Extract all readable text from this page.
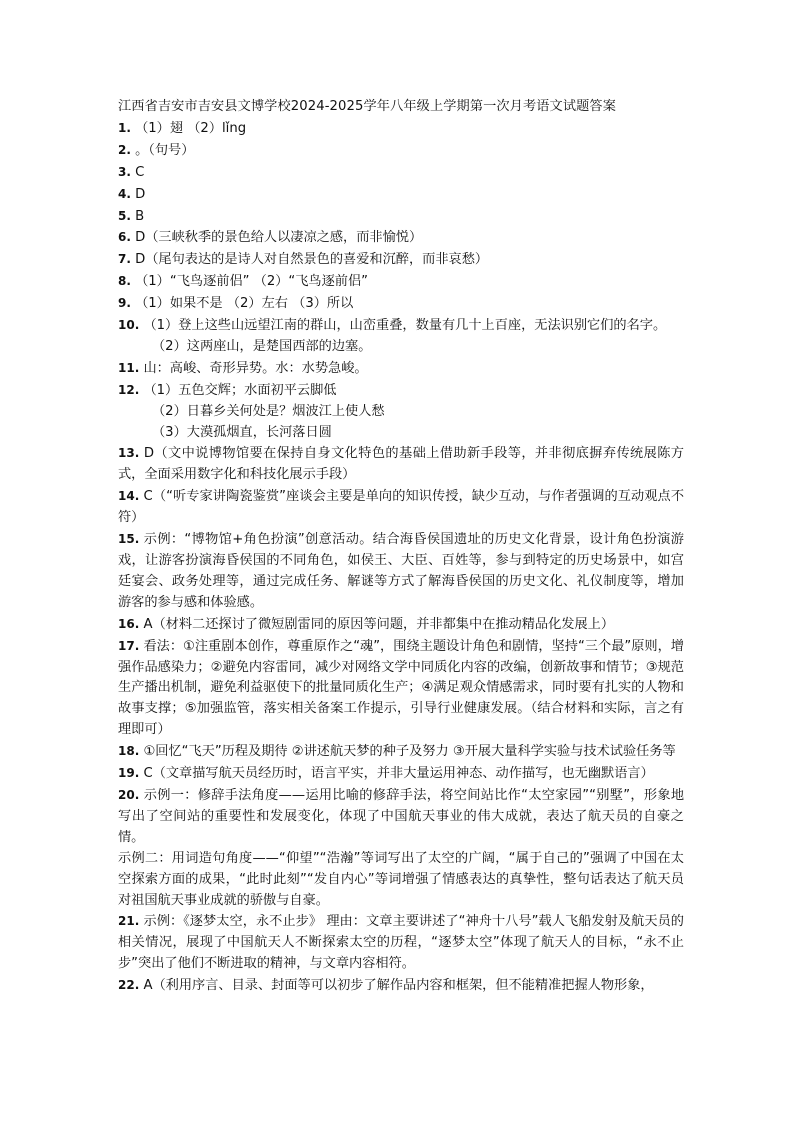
江西省吉安市吉安县文博学校2024-2025学年八年级上学期第一次月考语文试题答案
1. （1）翅 （2）lǐng
2. 。（句号）
3. C
4. D
5. B
6. D（三峡秋季的景色给人以凄凉之感，而非愉悦）
7. D（尾句表达的是诗人对自然景色的喜爱和沉醉，而非哀愁）
8. （1）“飞鸟逐前侣” （2）“飞鸟逐前侣”
9. （1）如果不是 （2）左右 （3）所以
10. （1）登上这些山远望江南的群山，山峦重叠，数量有几十上百座，无法识别它们的名字。
（2）这两座山，是楚国西部的边塞。
11. 山：高峻、奇形异势。水：水势急峻。
12. （1）五色交辉；水面初平云脚低
（2）日暮乡关何处是？烟波江上使人愁
（3）大漠孤烟直，长河落日圆
13. D（文中说博物馆要在保持自身文化特色的基础上借助新手段等，并非彻底摒弃传统展陈方式，全面采用数字化和科技化展示手段）
14. C（“听专家讲陶瓷鉴赏”座谈会主要是单向的知识传授，缺少互动，与作者强调的互动观点不符）
15. 示例：“博物馆+角色扮演”创意活动。结合海昏侯国遗址的历史文化背景，设计角色扮演游戏，让游客扮演海昏侯国的不同角色，如侯王、大臣、百姓等，参与到特定的历史场景中，如宫廷宴会、政务处理等，通过完成任务、解谜等方式了解海昏侯国的历史文化、礼仪制度等，增加游客的参与感和体验感。
16. A（材料二还探讨了微短剧雷同的原因等问题，并非都集中在推动精品化发展上）
17. 看法：①注重剧本创作，尊重原作之“魂”，围绕主题设计角色和剧情，坚持“三个最”原则，增强作品感染力；②避免内容雷同，减少对网络文学中同质化内容的改编，创新故事和情节；③规范生产播出机制，避免利益驱使下的批量同质化生产；④满足观众情感需求，同时要有扎实的人物和故事支撑；⑤加强监管，落实相关备案工作提示，引导行业健康发展。（结合材料和实际，言之有理即可）
18. ①回忆“飞天”历程及期待 ②讲述航天梦的种子及努力 ③开展大量科学实验与技术试验任务等
19. C（文章描写航天员经历时，语言平实，并非大量运用神态、动作描写，也无幽默语言）
20. 示例一：修辞手法角度——运用比喻的修辞手法，将空间站比作“太空家园”“别墅”，形象地写出了空间站的重要性和发展变化，体现了中国航天事业的伟大成就，表达了航天员的自豪之情。
示例二：用词造句角度——“仰望”“浩瀚”等词写出了太空的广阔，“属于自己的”强调了中国在太空探索方面的成果，“此时此刻”“发自内心”等词增强了情感表达的真挚性，整句话表达了航天员对祖国航天事业成就的骄傲与自豪。
21. 示例：《逐梦太空，永不止步》 理由：文章主要讲述了“神舟十八号”载人飞船发射及航天员的相关情况，展现了中国航天人不断探索太空的历程，“逐梦太空”体现了航天人的目标，“永不止步”突出了他们不断进取的精神，与文章内容相符。
22. A（利用序言、目录、封面等可以初步了解作品内容和框架，但不能精准把握人物形象，
